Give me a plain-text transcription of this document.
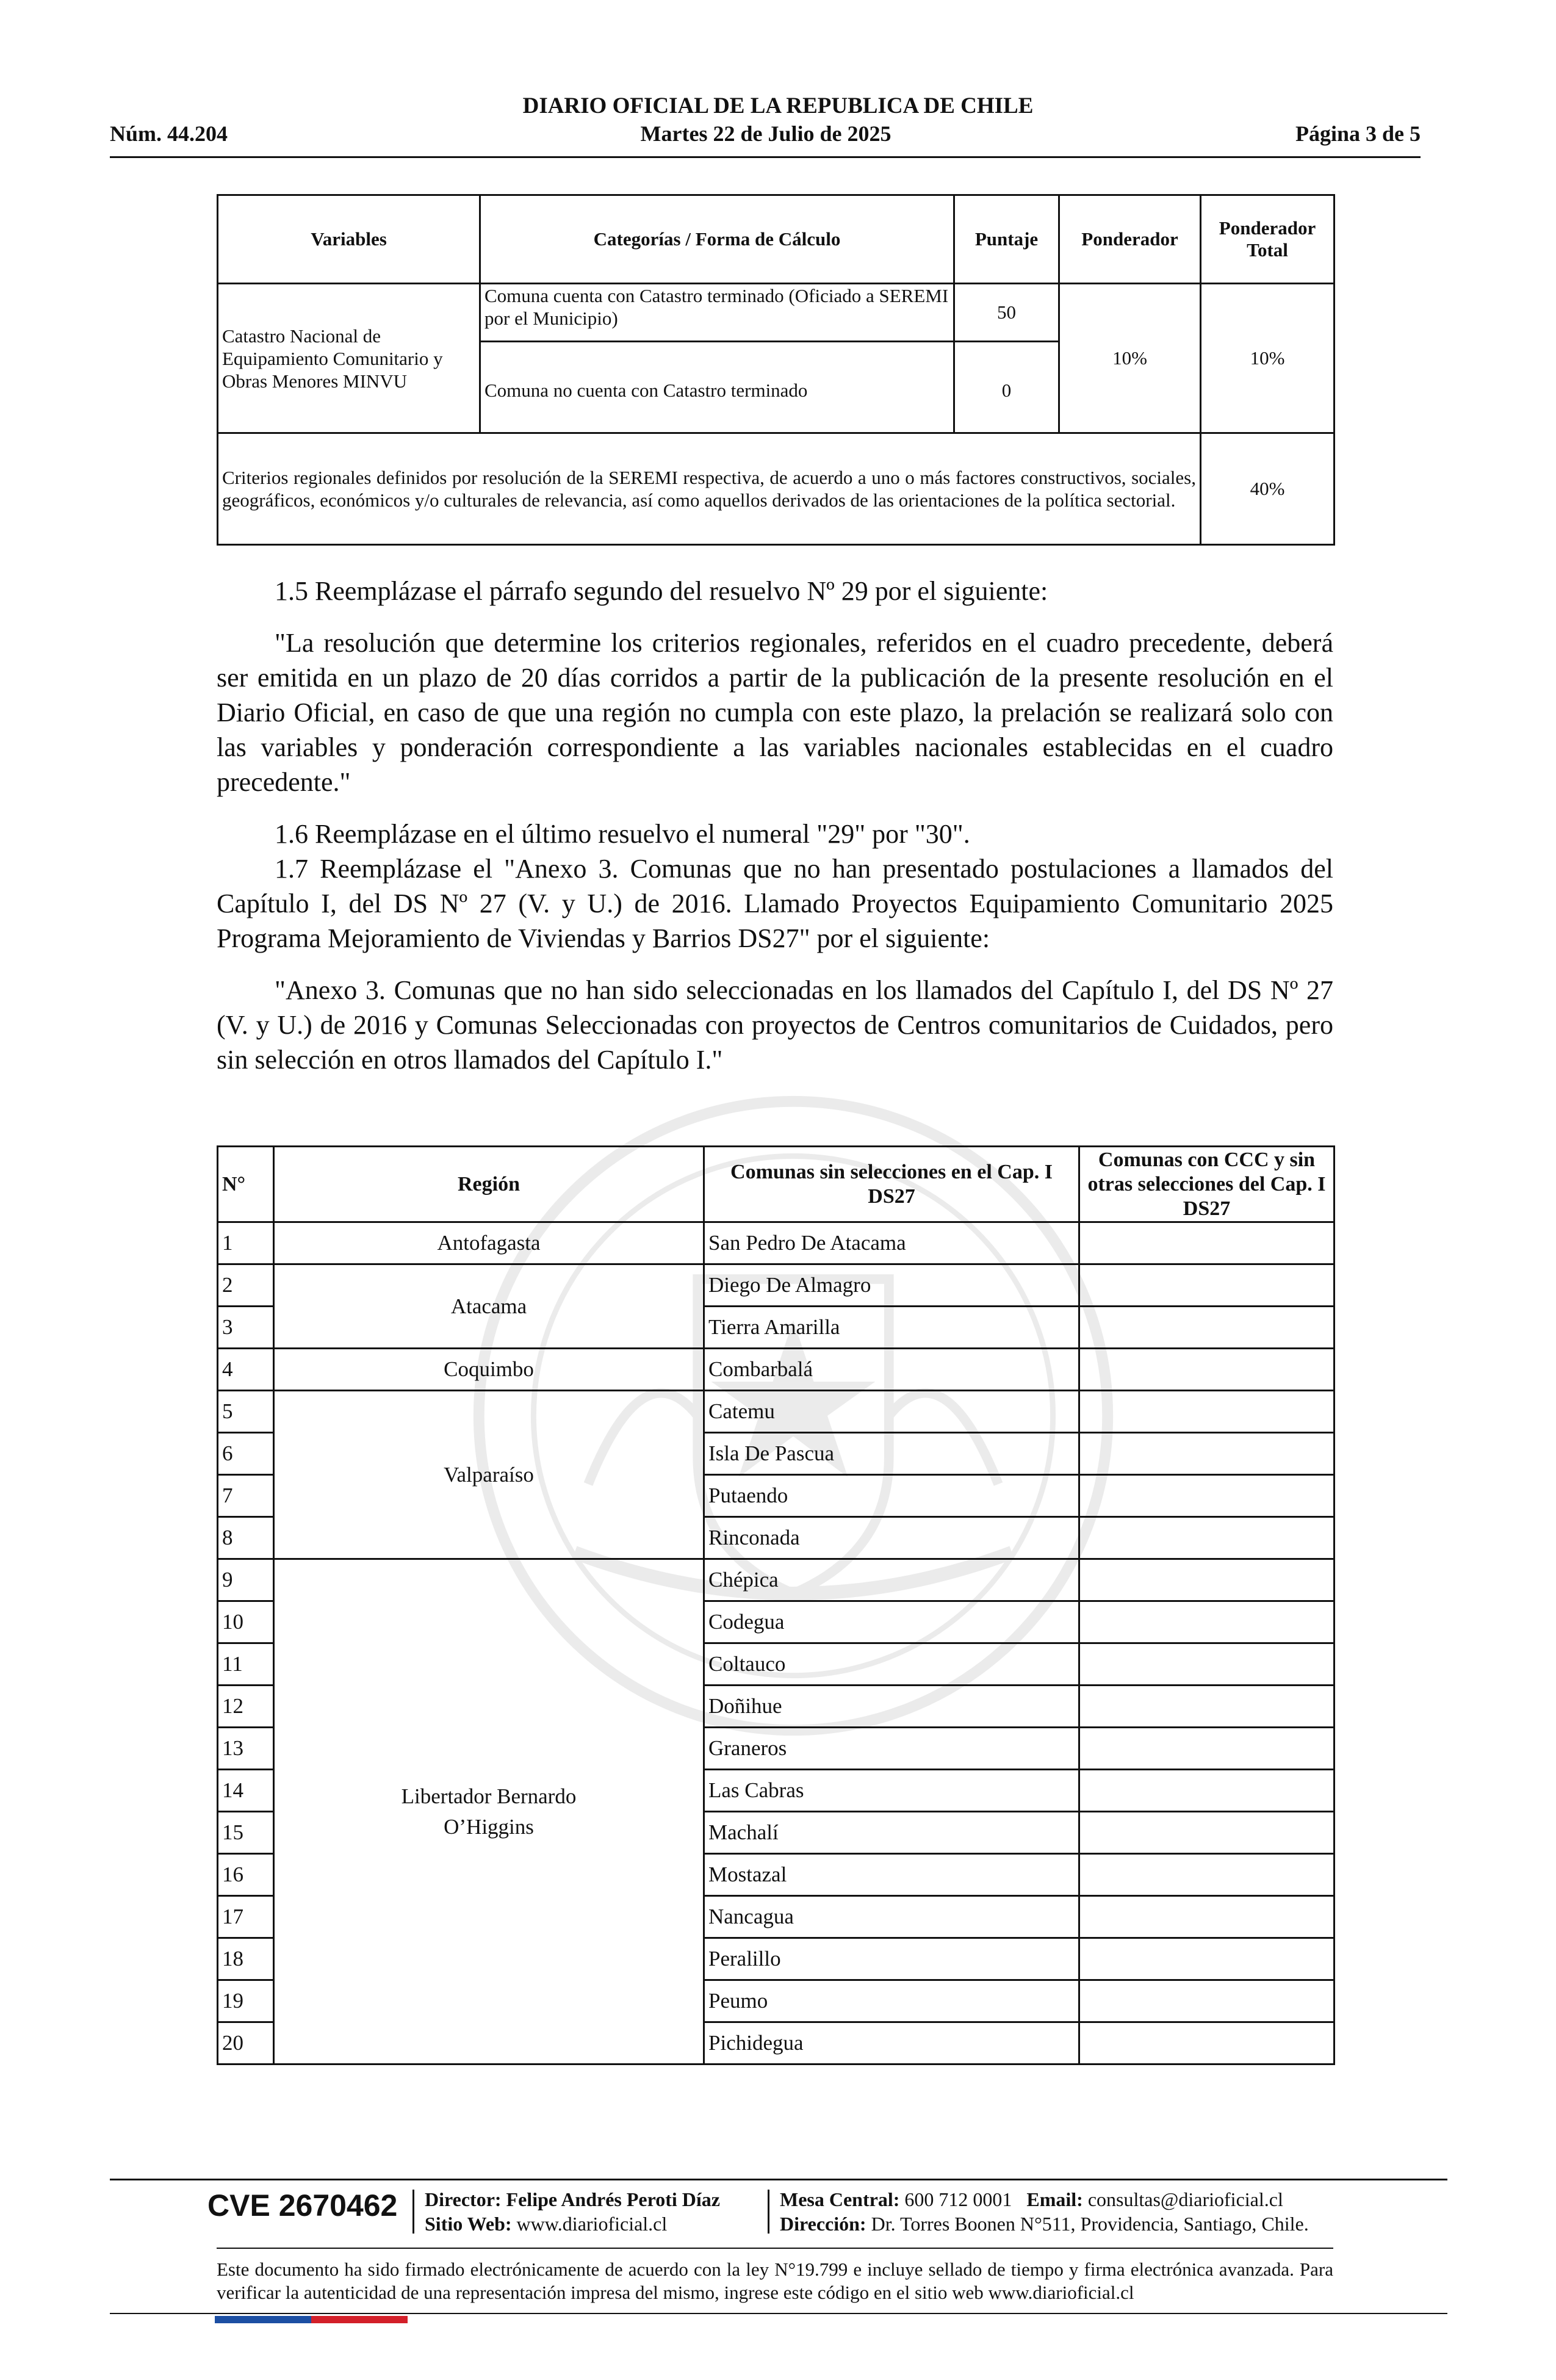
DIARIO OFICIAL DE LA REPUBLICA DE CHILE
Núm. 44.204	Martes 22 de Julio de 2025	Página 3 de 5
Variables	Categorías / Forma de Cálculo	Puntaje	Ponderador	Ponderador Total
Catastro Nacional de Equipamiento Comunitario y Obras Menores MINVU	Comuna cuenta con Catastro terminado (Oficiado a SEREMI por el Municipio)	50	10%	10%
	Comuna no cuenta con Catastro terminado	0		
Criterios regionales definidos por resolución de la SEREMI respectiva, de acuerdo a uno o más factores constructivos, sociales, geográficos, económicos y/o culturales de relevancia, así como aquellos derivados de las orientaciones de la política sectorial.				40%

1.5 Reemplázase el párrafo segundo del resuelvo Nº 29 por el siguiente:

"La resolución que determine los criterios regionales, referidos en el cuadro precedente, deberá ser emitida en un plazo de 20 días corridos a partir de la publicación de la presente resolución en el Diario Oficial, en caso de que una región no cumpla con este plazo, la prelación se realizará solo con las variables y ponderación correspondiente a las variables nacionales establecidas en el cuadro precedente."

1.6 Reemplázase en el último resuelvo el numeral "29" por "30".

1.7 Reemplázase el "Anexo 3. Comunas que no han presentado postulaciones a llamados del Capítulo I, del DS Nº 27 (V. y U.) de 2016. Llamado Proyectos Equipamiento Comunitario 2025 Programa Mejoramiento de Viviendas y Barrios DS27" por el siguiente:

"Anexo 3. Comunas que no han sido seleccionadas en los llamados del Capítulo I, del DS Nº 27 (V. y U.) de 2016 y Comunas Seleccionadas con proyectos de Centros comunitarios de Cuidados, pero sin selección en otros llamados del Capítulo I."

N°	Región	Comunas sin selecciones en el Cap. I DS27	Comunas con CCC y sin otras selecciones del Cap. I DS27
1	Antofagasta	San Pedro De Atacama	
2	Atacama	Diego De Almagro	
3		Tierra Amarilla	
4	Coquimbo	Combarbalá	
5	Valparaíso	Catemu	
6		Isla De Pascua	
7		Putaendo	
8		Rinconada	
9	Libertador Bernardo O’Higgins	Chépica	
10		Codegua	
11		Coltauco	
12		Doñihue	
13		Graneros	
14		Las Cabras	
15		Machalí	
16		Mostazal	
17		Nancagua	
18		Peralillo	
19		Peumo	
20		Pichidegua	
CVE 2670462 Director: Felipe Andrés Peroti Díaz
Sitio Web: www.diarioficial.cl
Mesa Central: 600 712 0001 Email: consultas@diarioficial.cl
Dirección: Dr. Torres Boonen N°511, Providencia, Santiago, Chile.
Este documento ha sido firmado electrónicamente de acuerdo con la ley N°19.799 e incluye sellado de tiempo y firma electrónica avanzada. Para verificar la autenticidad de una representación impresa del mismo, ingrese este código en el sitio web www.diarioficial.cl
